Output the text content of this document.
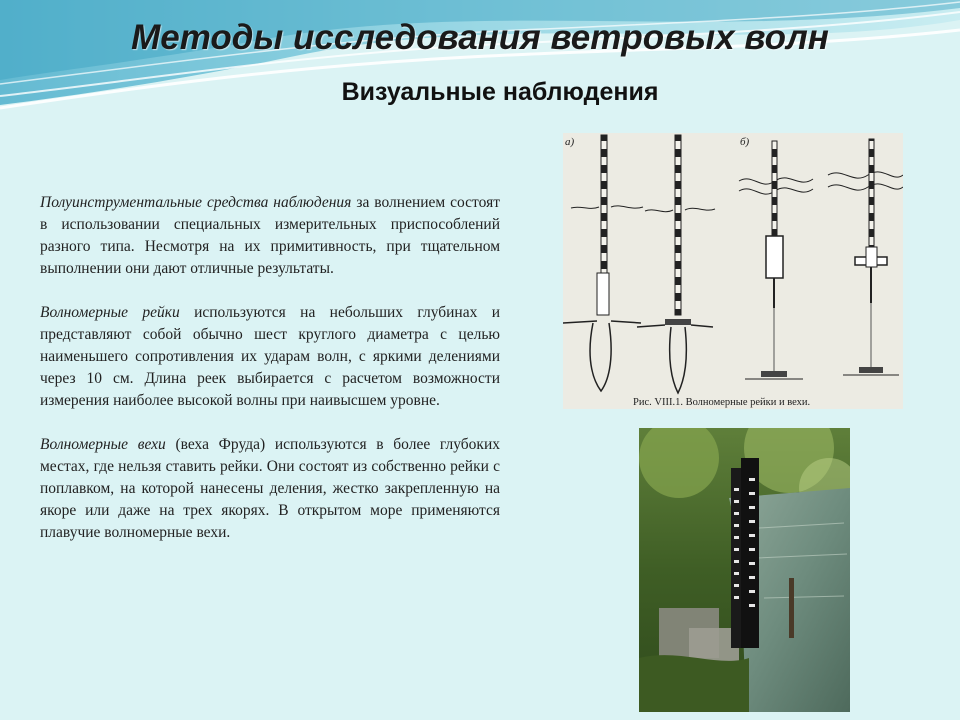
Методы исследования ветровых волн
Визуальные наблюдения

Полуинструментальные средства наблюдения за волнением состоят в использовании специальных измерительных приспособлений разного типа. Несмотря на их примитивность, при тщательном выполнении они дают отличные результаты.

Волномерные рейки используются на небольших глубинах и представляют собой обычно шест круглого диаметра с целью наименьшего сопротивления их ударам волн, с яркими делениями через 10 см. Длина реек выбирается с расчетом возможности измерения наиболее высокой волны при наивысшем уровне.

Волномерные вехи (веха Фруда) используются в более глубоких местах, где нельзя ставить рейки. Они состоят из собственно рейки с поплавком, на которой нанесены деления, жестко закрепленную на якоре или даже на трех якорях. В открытом море применяются плавучие волномерные вехи.

а)	б)
Рис. VIII.1. Волномерные рейки и вехи.
